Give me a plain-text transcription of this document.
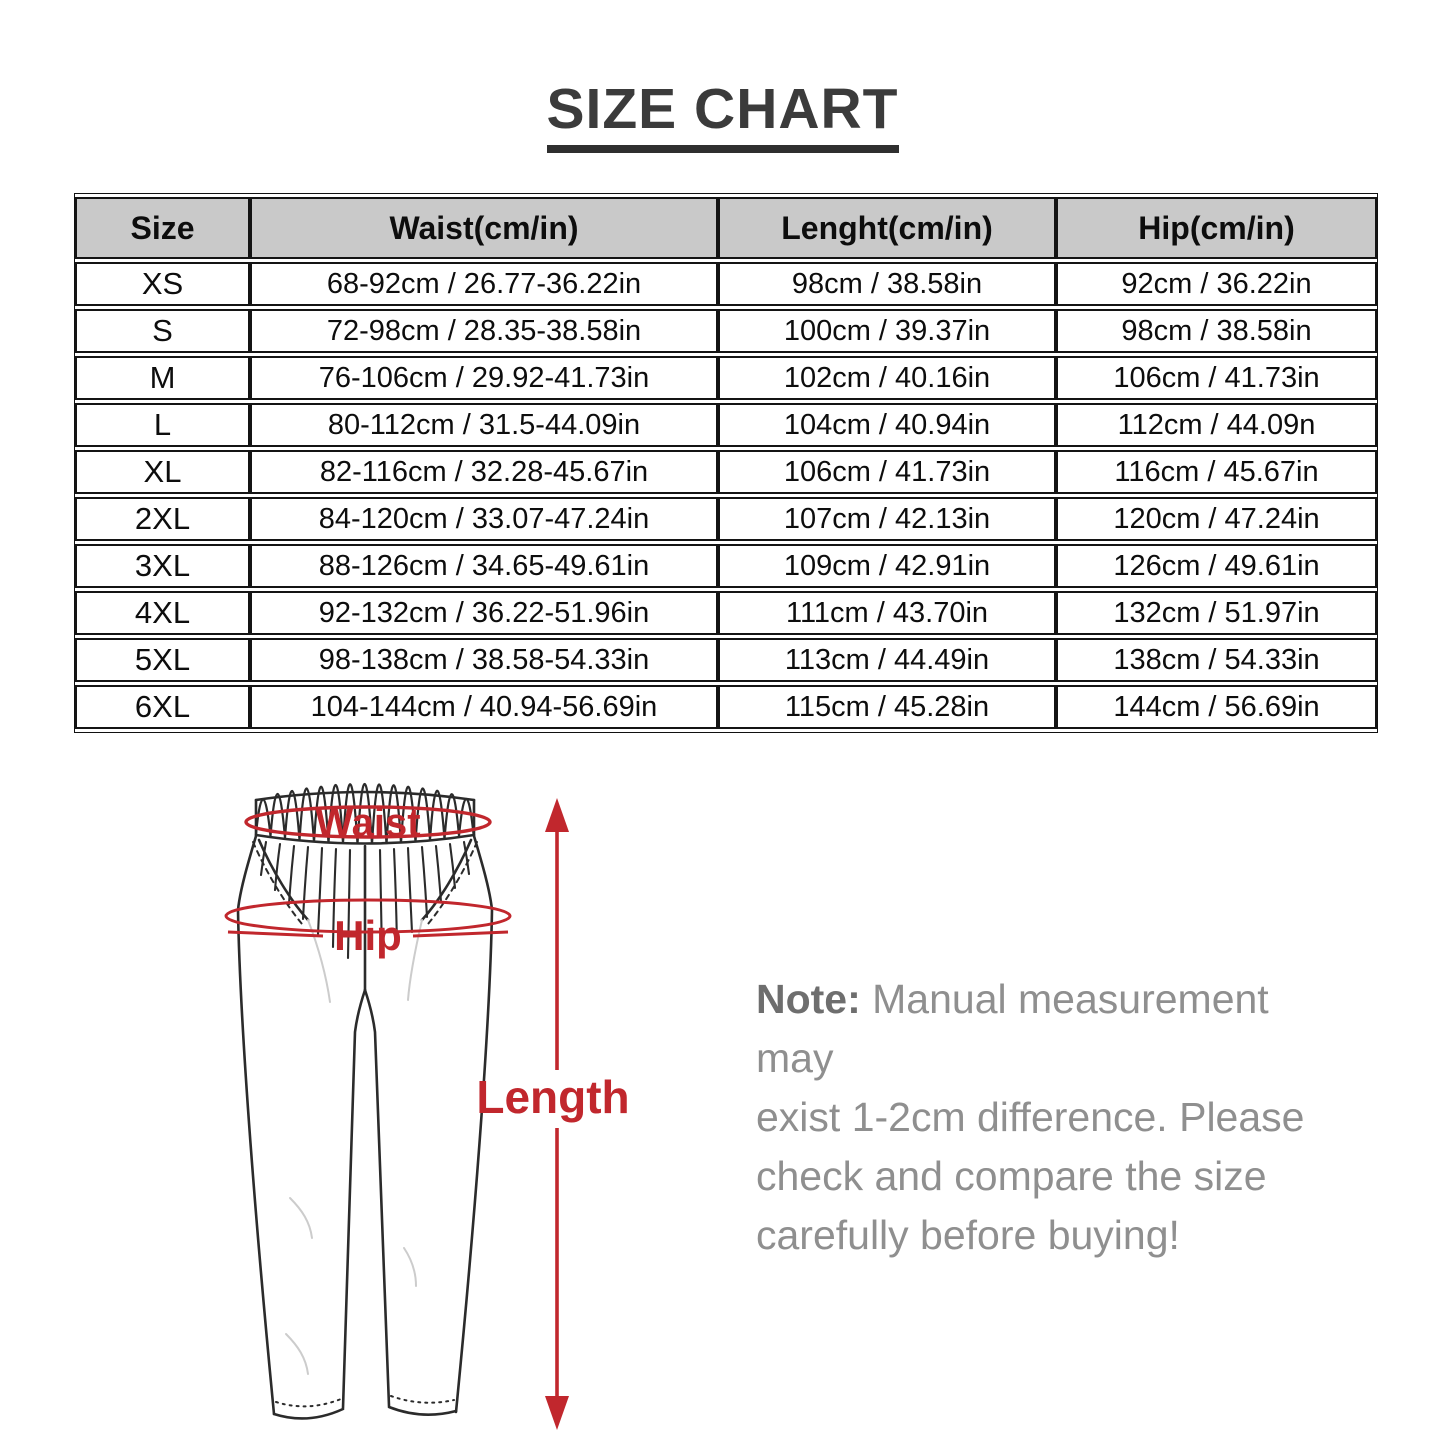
SIZE CHART
Size	Waist(cm/in)	Lenght(cm/in)	Hip(cm/in)
XS	68-92cm / 26.77-36.22in	98cm / 38.58in	92cm / 36.22in
S	72-98cm / 28.35-38.58in	100cm / 39.37in	98cm / 38.58in
M	76-106cm / 29.92-41.73in	102cm / 40.16in	106cm / 41.73in
L	80-112cm / 31.5-44.09in	104cm / 40.94in	112cm / 44.09n
XL	82-116cm / 32.28-45.67in	106cm / 41.73in	116cm / 45.67in
2XL	84-120cm / 33.07-47.24in	107cm / 42.13in	120cm / 47.24in
3XL	88-126cm / 34.65-49.61in	109cm / 42.91in	126cm / 49.61in
4XL	92-132cm / 36.22-51.96in	111cm / 43.70in	132cm / 51.97in
5XL	98-138cm / 38.58-54.33in	113cm / 44.49in	138cm / 54.33in
6XL	104-144cm / 40.94-56.69in	115cm / 45.28in	144cm / 56.69in
Waist
Hip
Length
Note: Manual measurement may
exist 1-2cm difference. Please
check and compare the size
carefully before buying!
